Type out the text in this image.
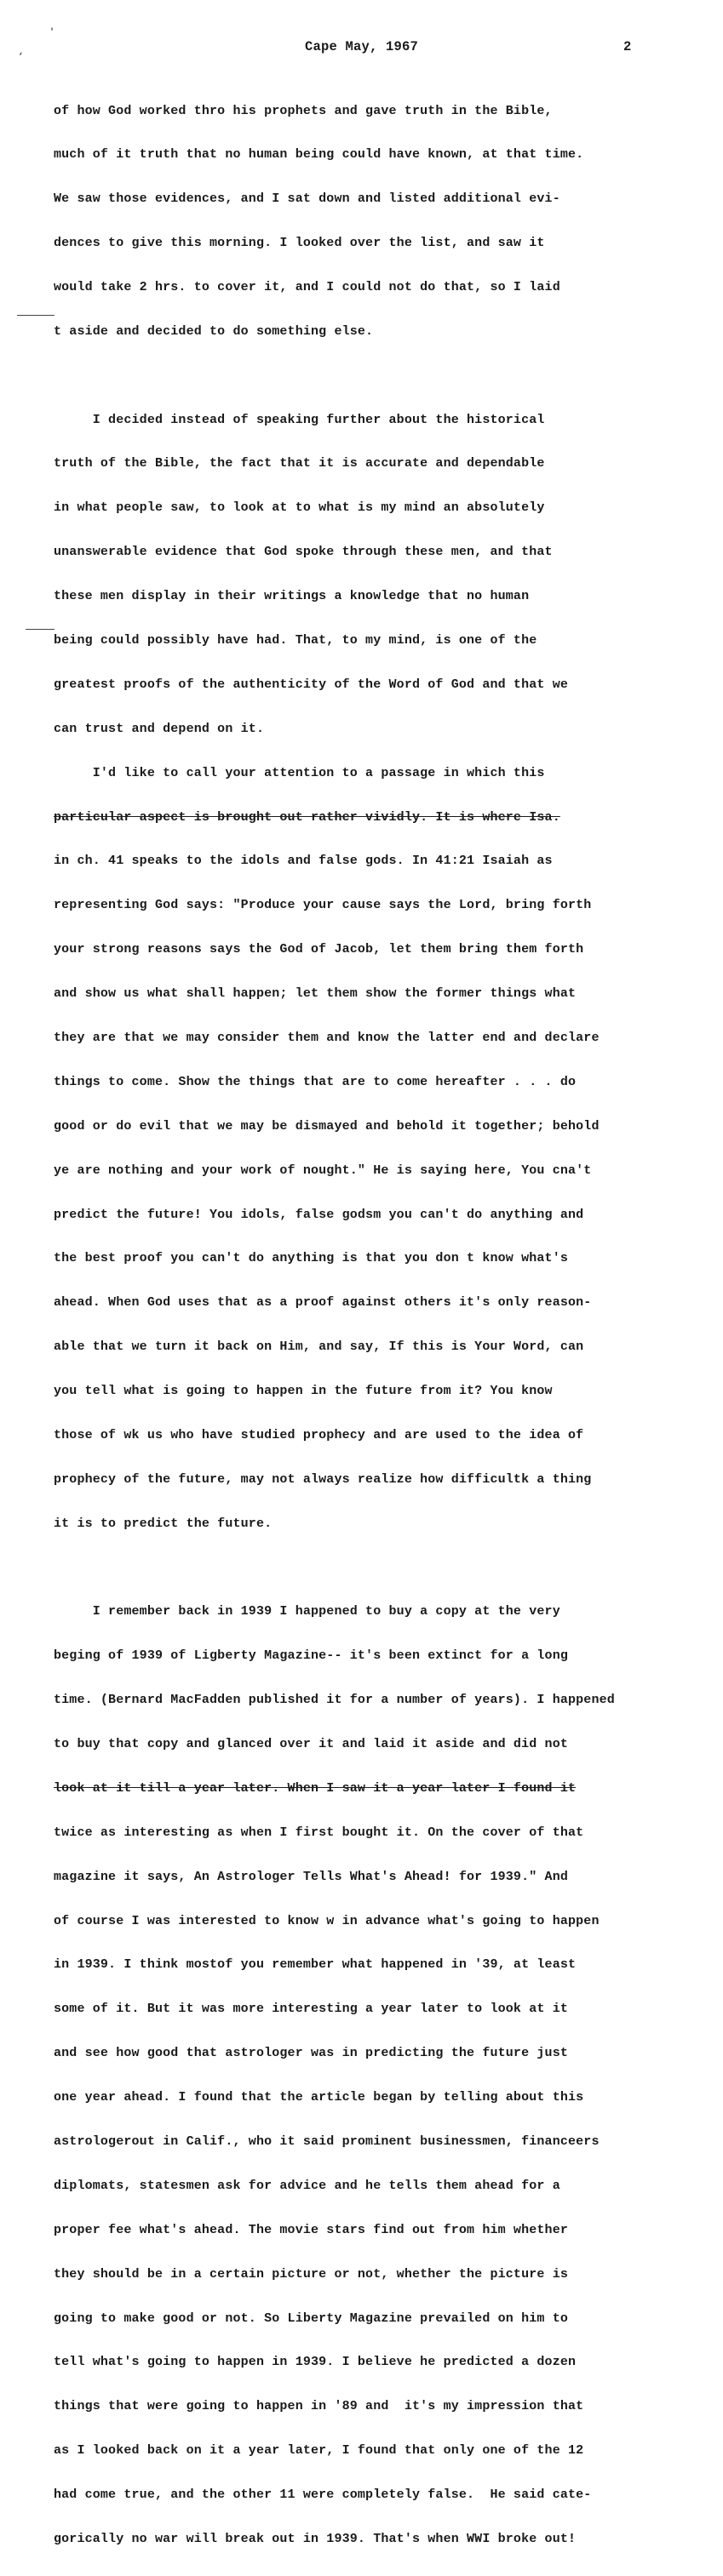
'
,	Cape May, 1967	2

of how God worked thro his prophets and gave truth in the Bible,

much of it truth that no human being could have known, at that time.

We saw those evidences, and I sat down and listed additional evi-

dences to give this morning. I looked over the list, and saw it

would take 2 hrs. to cover it, and I could not do that, so I laid

t aside and decided to do something else.

I decided instead of speaking further about the historical

truth of the Bible, the fact that it is accurate and dependable

in what people saw, to look at to what is my mind an absolutely

unanswerable evidence that God spoke through these men, and that

these men display in their writings a knowledge that no human

being could possibly have had. That, to my mind, is one of the

greatest proofs of the authenticity of the Word of God and that we

can trust and depend on it.

I'd like to call your attention to a passage in which this

particular aspect is brought out rather vividly. It is where Isa.

in ch. 41 speaks to the idols and false gods. In 41:21 Isaiah as

representing God says: "Produce your cause says the Lord, bring forth

your strong reasons says the God of Jacob, let them bring them forth

and show us what shall happen; let them show the former things what

they are that we may consider them and know the latter end and declare

things to come. Show the things that are to come hereafter . . . do

good or do evil that we may be dismayed and behold it together; behold

ye are nothing and your work of nought." He is saying here, You cna't

predict the future! You idols, false godsm you can't do anything and

the best proof you can't do anything is that you don t know what's

ahead. When God uses that as a proof against others it's only reason-

able that we turn it back on Him, and say, If this is Your Word, can

you tell what is going to happen in the future from it? You know

those of wk us who have studied prophecy and are used to the idea of

prophecy of the future, may not always realize how difficultk a thing

it is to predict the future.

I remember back in 1939 I happened to buy a copy at the very

beging of 1939 of Ligberty Magazine-- it's been extinct for a long

time. (Bernard MacFadden published it for a number of years). I happened

to buy that copy and glanced over it and laid it aside and did not

look at it till a year later. When I saw it a year later I found it

twice as interesting as when I first bought it. On the cover of that

magazine it says, An Astrologer Tells What's Ahead! for 1939." And

of course I was interested to know w in advance what's going to happen

in 1939. I think mostof you remember what happened in '39, at least

some of it. But it was more interesting a year later to look at it

and see how good that astrologer was in predicting the future just

one year ahead. I found that the article began by telling about this

astrologerout in Calif., who it said prominent businessmen, financeers

diplomats, statesmen ask for advice and he tells them ahead for a

proper fee what's ahead. The movie stars find out from him whether

they should be in a certain picture or not, whether the picture is

going to make good or not. So Liberty Magazine prevailed on him to

tell what's going to happen in 1939. I believe he predicted a dozen

things that were going to happen in '89 and  it's my impression that

as I looked back on it a year later, I found that only one of the 12

had come true, and the other 11 were completely false.  He said cate-

gorically no war will break out in 1939. That's when WWI broke out!
